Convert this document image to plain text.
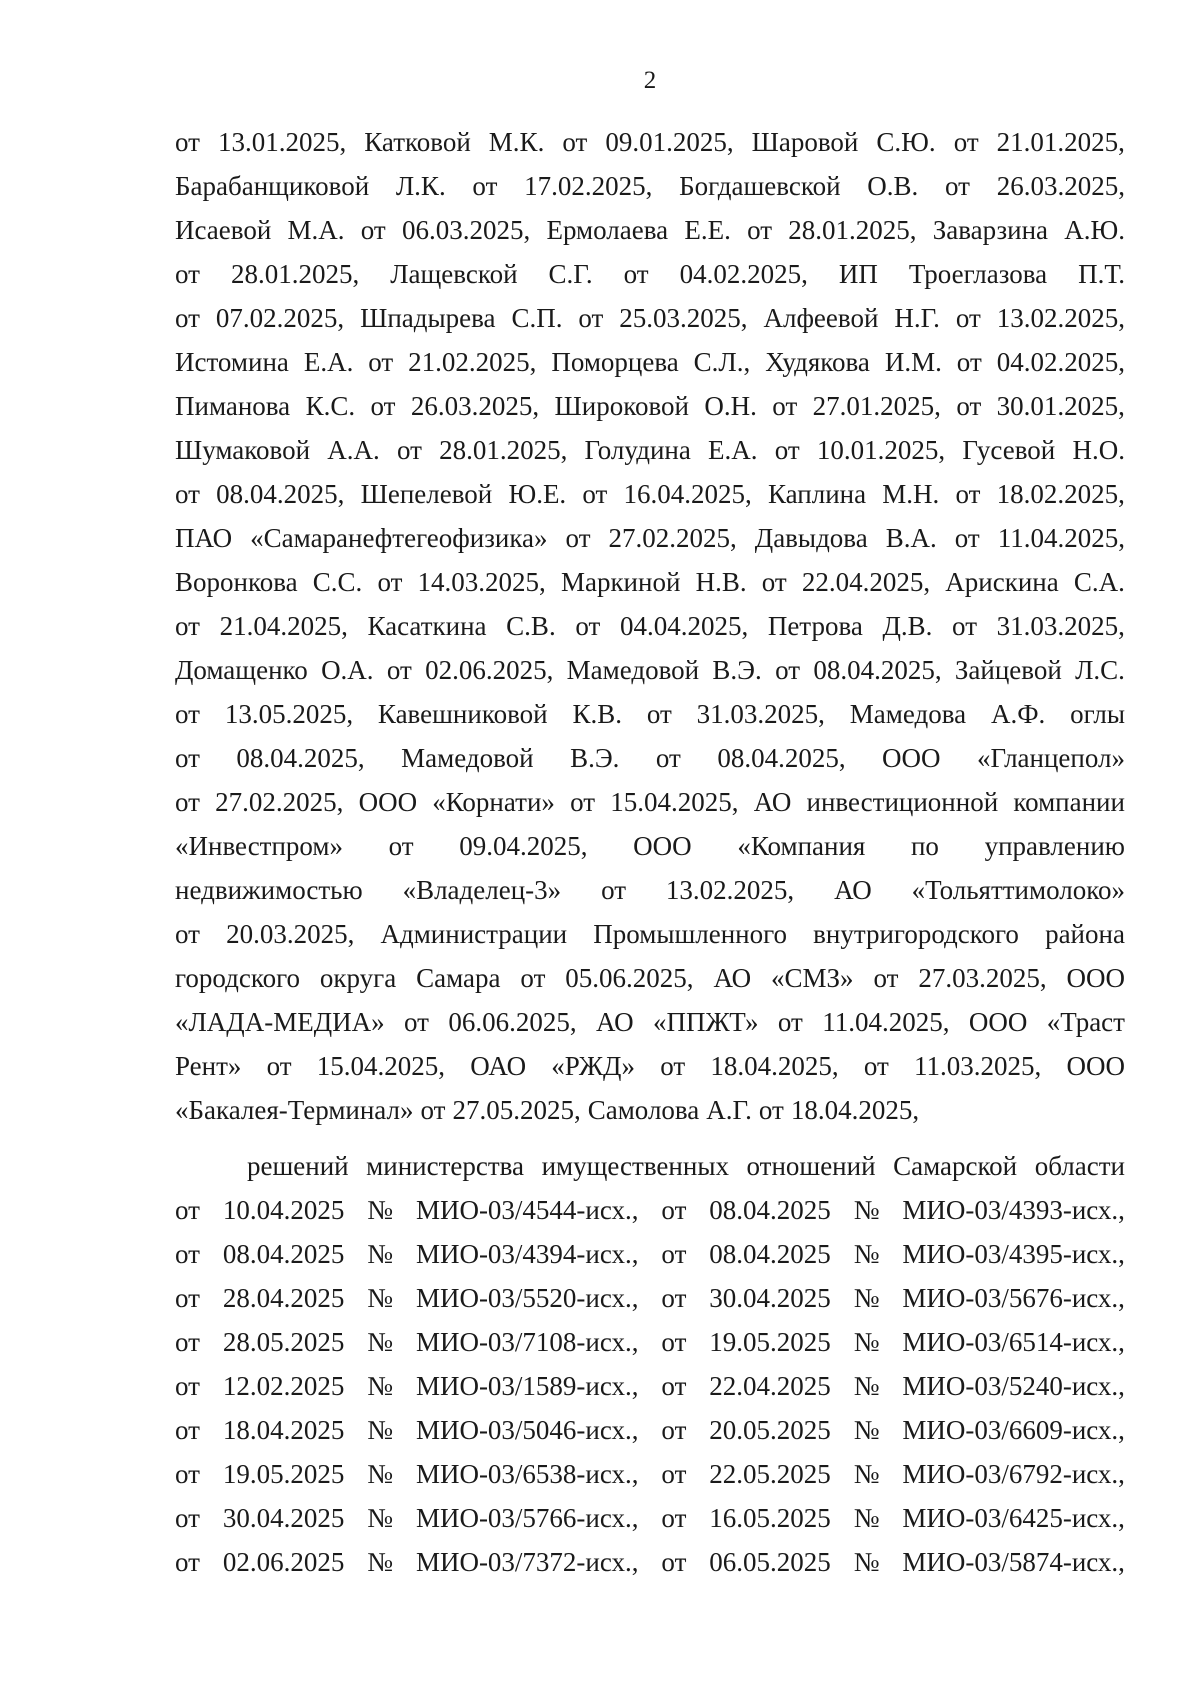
2
от 13.01.2025, Катковой М.К. от 09.01.2025, Шаровой С.Ю. от 21.01.2025,
Барабанщиковой Л.К. от 17.02.2025, Богдашевской О.В. от 26.03.2025,
Исаевой М.А. от 06.03.2025, Ермолаева Е.Е. от 28.01.2025, Заварзина А.Ю.
от 28.01.2025, Лащевской С.Г. от 04.02.2025, ИП Троеглазова П.Т.
от 07.02.2025, Шпадырева С.П. от 25.03.2025, Алфеевой Н.Г. от 13.02.2025,
Истомина Е.А. от 21.02.2025, Поморцева С.Л., Худякова И.М. от 04.02.2025,
Пиманова К.С. от 26.03.2025, Широковой О.Н. от 27.01.2025, от 30.01.2025,
Шумаковой А.А. от 28.01.2025, Голудина Е.А. от 10.01.2025, Гусевой Н.О.
от 08.04.2025, Шепелевой Ю.Е. от 16.04.2025, Каплина М.Н. от 18.02.2025,
ПАО «Самаранефтегеофизика» от 27.02.2025, Давыдова В.А. от 11.04.2025,
Воронкова С.С. от 14.03.2025, Маркиной Н.В. от 22.04.2025, Арискина С.А.
от 21.04.2025, Касаткина С.В. от 04.04.2025, Петрова Д.В. от 31.03.2025,
Домащенко О.А. от 02.06.2025, Мамедовой В.Э. от 08.04.2025, Зайцевой Л.С.
от 13.05.2025, Кавешниковой К.В. от 31.03.2025, Мамедова А.Ф. оглы
от 08.04.2025, Мамедовой В.Э. от 08.04.2025, ООО «Гланцепол»
от 27.02.2025, ООО «Корнати» от 15.04.2025, АО инвестиционной компании
«Инвестпром» от 09.04.2025, ООО «Компания по управлению
недвижимостью «Владелец-3» от 13.02.2025, АО «Тольяттимолоко»
от 20.03.2025, Администрации Промышленного внутригородского района
городского округа Самара от 05.06.2025, АО «СМЗ» от 27.03.2025, ООО
«ЛАДА-МЕДИА» от 06.06.2025, АО «ППЖТ» от 11.04.2025, ООО «Траст
Рент» от 15.04.2025, ОАО «РЖД» от 18.04.2025, от 11.03.2025, ООО
«Бакалея-Терминал» от 27.05.2025, Самолова А.Г. от 18.04.2025,
решений министерства имущественных отношений Самарской области
от 10.04.2025 № МИО-03/4544-исх., от 08.04.2025 № МИО-03/4393-исх.,
от 08.04.2025 № МИО-03/4394-исх., от 08.04.2025 № МИО-03/4395-исх.,
от 28.04.2025 № МИО-03/5520-исх., от 30.04.2025 № МИО-03/5676-исх.,
от 28.05.2025 № МИО-03/7108-исх., от 19.05.2025 № МИО-03/6514-исх.,
от 12.02.2025 № МИО-03/1589-исх., от 22.04.2025 № МИО-03/5240-исх.,
от 18.04.2025 № МИО-03/5046-исх., от 20.05.2025 № МИО-03/6609-исх.,
от 19.05.2025 № МИО-03/6538-исх., от 22.05.2025 № МИО-03/6792-исх.,
от 30.04.2025 № МИО-03/5766-исх., от 16.05.2025 № МИО-03/6425-исх.,
от 02.06.2025 № МИО-03/7372-исх., от 06.05.2025 № МИО-03/5874-исх.,
